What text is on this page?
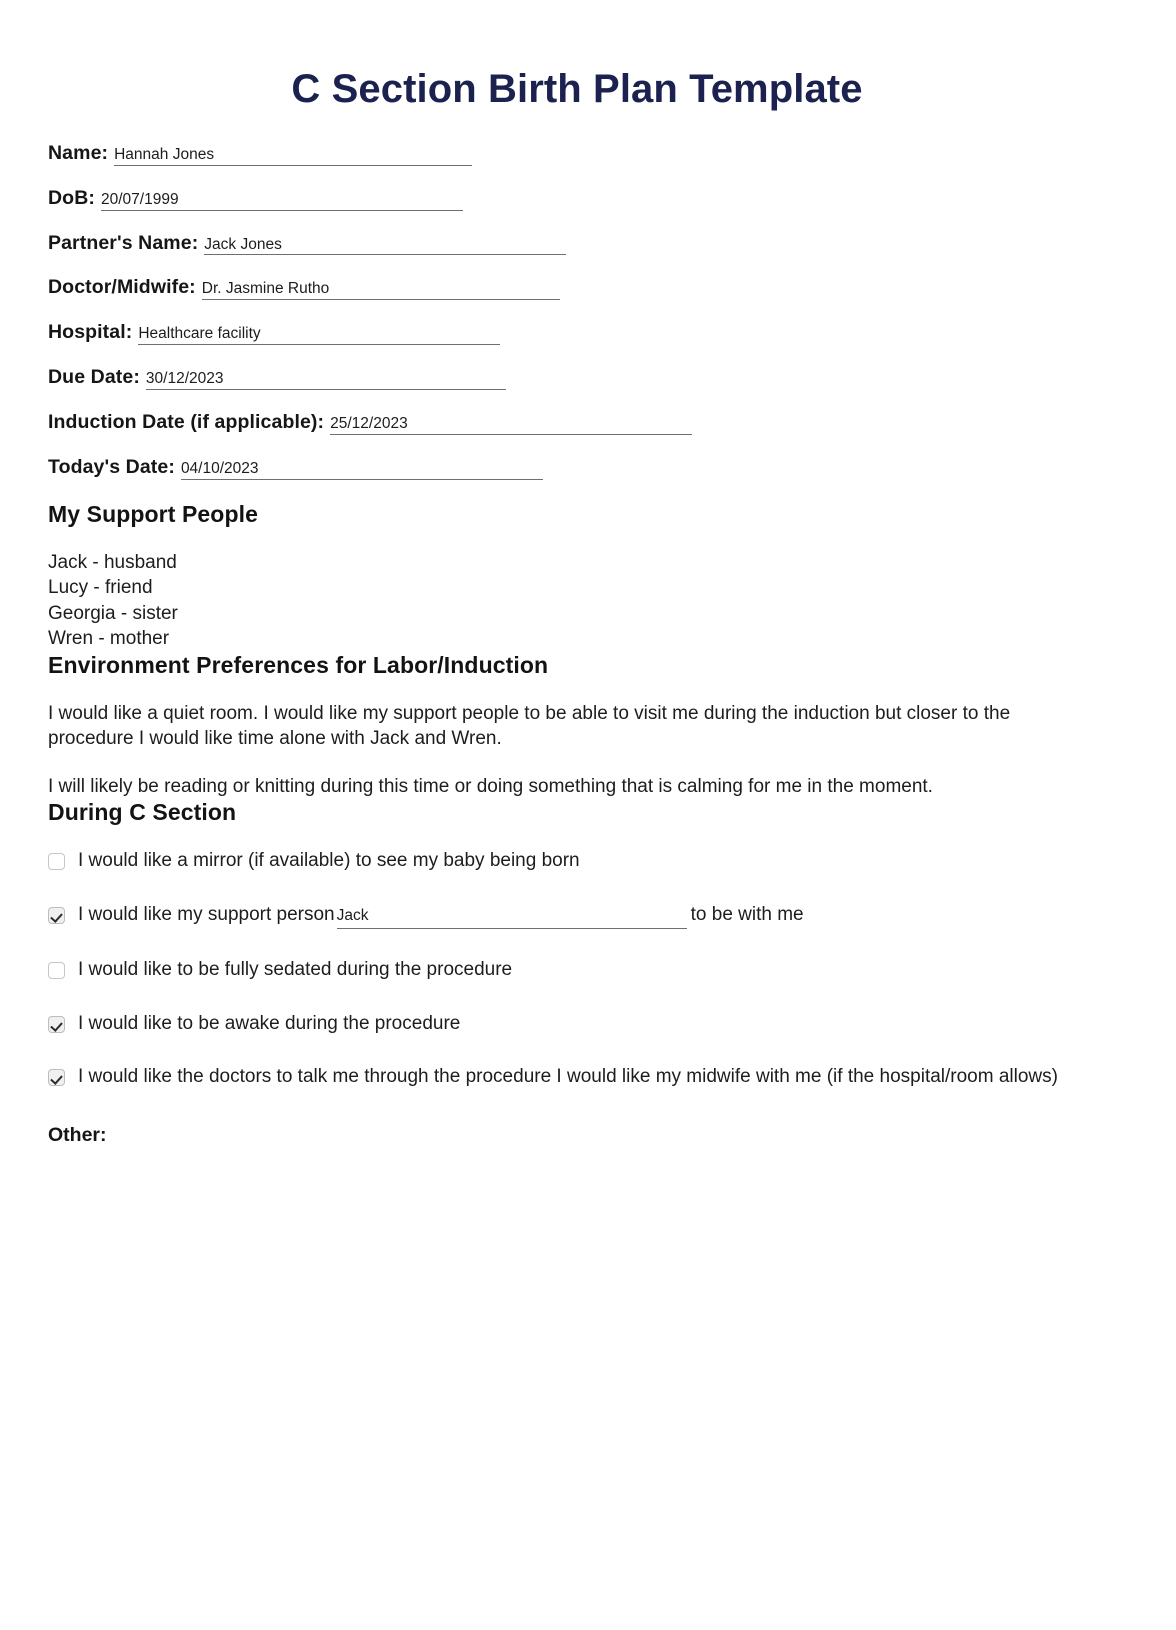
C Section Birth Plan Template
Name: Hannah Jones
DoB: 20/07/1999
Partner's Name: Jack Jones
Doctor/Midwife: Dr. Jasmine Rutho
Hospital: Healthcare facility
Due Date: 30/12/2023
Induction Date (if applicable): 25/12/2023
Today's Date: 04/10/2023
My Support People
Jack - husband
Lucy - friend
Georgia - sister
Wren - mother
Environment Preferences for Labor/Induction

I would like a quiet room. I would like my support people to be able to visit me during the induction but closer to the procedure I would like time alone with Jack and Wren.

I will likely be reading or knitting during this time or doing something that is calming for me in the moment.

During C Section
I would like a mirror (if available) to see my baby being born
I would like my support person Jack	to be with me
I would like to be fully sedated during the procedure
I would like to be awake during the procedure
I would like the doctors to talk me through the procedure I would like my midwife with me (if the hospital/room allows)
Other:
